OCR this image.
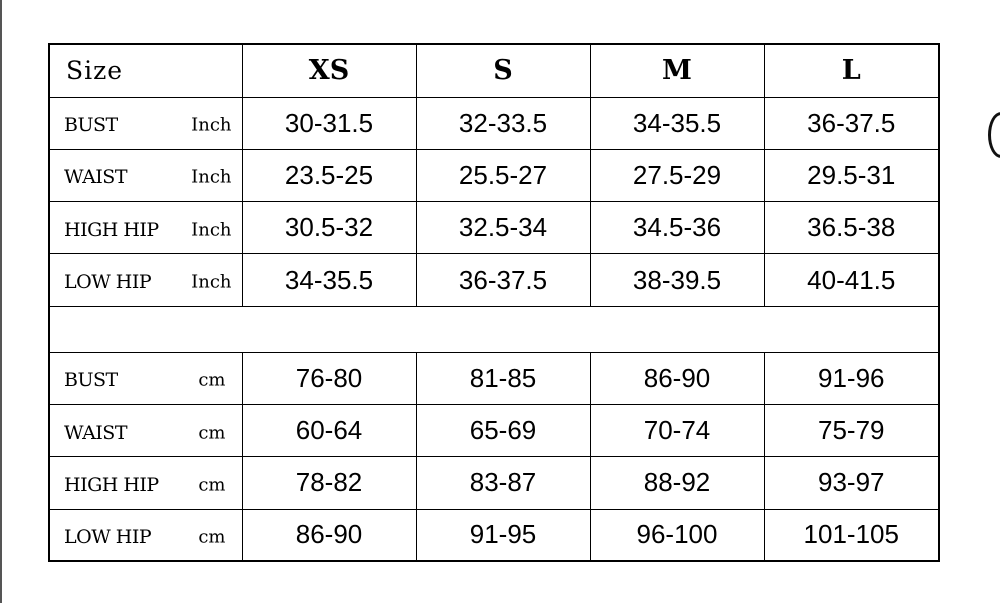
Size	XS	S	M	L

BUST Inch	30-31.5	32-33.5	34-35.5	36-37.5

WAIST Inch	23.5-25	25.5-27	27.5-29	29.5-31

HIGH HIP Inch	30.5-32	32.5-34	34.5-36	36.5-38

LOW HIP Inch	34-35.5	36-37.5	38-39.5	40-41.5

BUST cm	76-80	81-85	86-90	91-96

WAIST cm	60-64	65-69	70-74	75-79

HIGH HIP cm	78-82	83-87	88-92	93-97

LOW HIP cm	86-90	91-95	96-100	101-105
